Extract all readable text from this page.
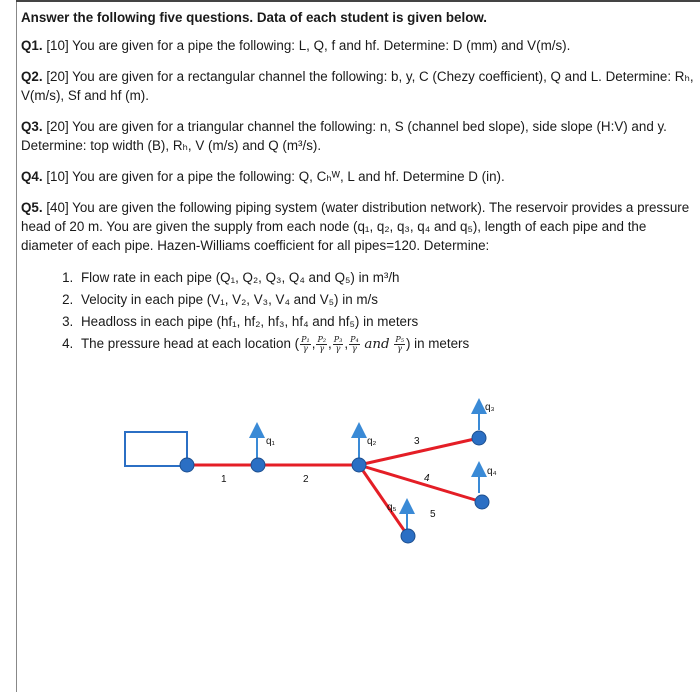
Answer the following five questions. Data of each student is given below.
Q1. [10] You are given for a pipe the following: L, Q, f and hf. Determine: D (mm) and V(m/s).
Q2. [20] You are given for a rectangular channel the following: b, y, C (Chezy coefficient), Q and L. Determine: Rₕ, V(m/s), Sf and hf (m).
Q3. [20] You are given for a triangular channel the following: n, S (channel bed slope), side slope (H:V) and y. Determine: top width (B), Rₕ, V (m/s) and Q (m³/s).
Q4. [10] You are given for a pipe the following: Q, Cₕᵂ, L and hf. Determine D (in).
Q5. [40] You are given the following piping system (water distribution network). The reservoir provides a pressure head of 20 m. You are given the supply from each node (q₁, q₂, q₃, q₄ and q₅), length of each pipe and the diameter of each pipe. Hazen-Williams coefficient for all pipes=120. Determine:
1. Flow rate in each pipe (Q₁, Q₂, Q₃, Q₄ and Q₅) in m³/h
2. Velocity in each pipe (V₁, V₂, V₃, V₄ and V₅) in m/s
3. Headloss in each pipe (hf₁, hf₂, hf₃, hf₄ and hf₅) in meters
4. The pressure head at each location ( $\frac{\text{P₁}}{\gamma}$ , $\frac{\text{P₂}}{\gamma}$ , $\frac{\text{P₃}}{\gamma}$ , $\frac{\text{P₄}}{\gamma}$ and $\frac{\text{P₅}}{\gamma}$ ) in meters
q₁	q₂
q₃
q₄
q₅
1	2
3
4
5
